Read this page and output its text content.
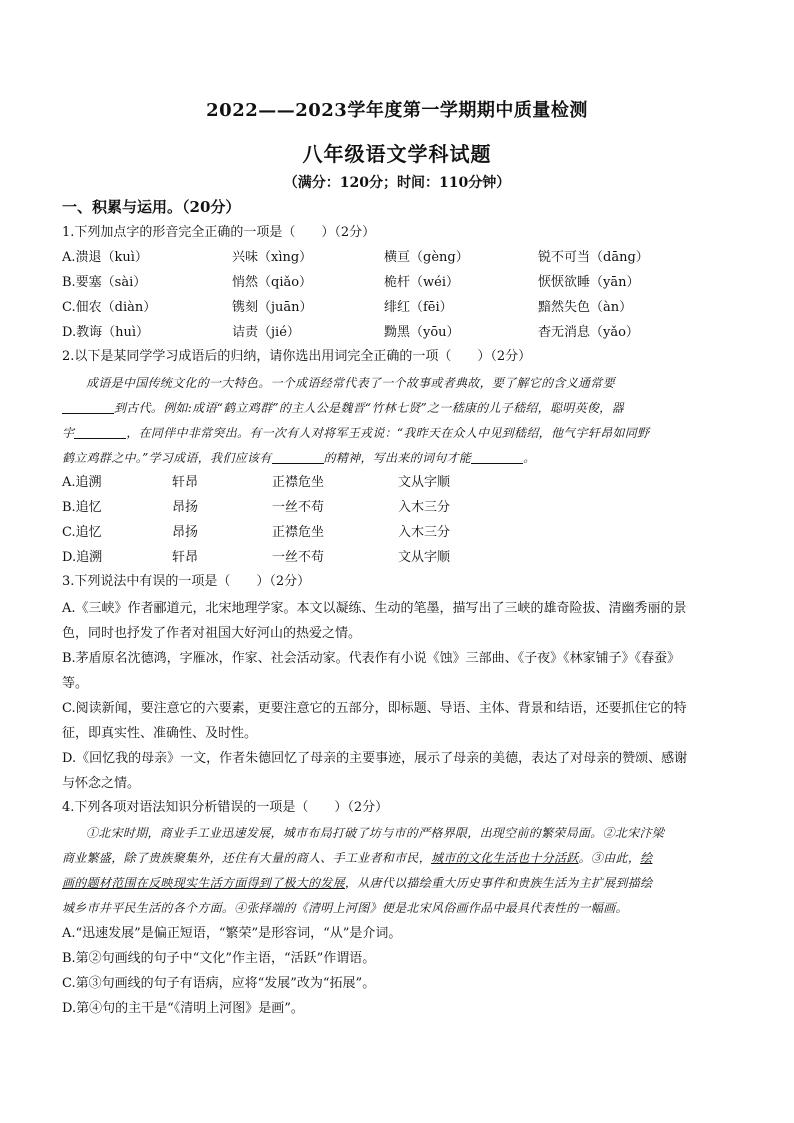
2022——2023学年度第一学期期中质量检测
八年级语文学科试题
（满分：120分；时间：110分钟）
一、积累与运用。（20分）
1.下列加点字的形音完全正确的一项是（　　）（2分）
A.溃退（kuì）	兴味（xìng）	横亘（gèng）	锐不可当（dāng）
B.要塞（sài）	悄然（qiǎo）	桅杆（wéi）	恹恹欲睡（yān）
C.佃农（diàn）	镌刻（juān）	绯红（fēi）	黯然失色（àn）
D.教诲（huì）	诘责（jié）	黝黑（yōu）	杳无消息（yǎo）
2.以下是某同学学习成语后的归纳，请你选出用词完全正确的一项（　　）（2分）
成语是中国传统文化的一大特色。一个成语经常代表了一个故事或者典故，要了解它的含义通常要
到古代。例如:成语“鹤立鸡群”的主人公是魏晋“竹林七贤”之一嵇康的儿子嵇绍，聪明英俊，器
宇	，在同伴中非常突出。有一次有人对将军王戎说：“我昨天在众人中见到嵇绍，他气宇轩昂如同野
鹤立鸡群之中。”学习成语，我们应该有	的精神，写出来的词句才能	。
A.追溯	轩昂	正襟危坐	文从字顺
B.追忆	昂扬	一丝不苟	入木三分
C.追忆	昂扬	正襟危坐	入木三分
D.追溯	轩昂	一丝不苟	文从字顺
3.下列说法中有误的一项是（　　）（2分）
A.《三峡》作者郦道元，北宋地理学家。本文以凝练、生动的笔墨，描写出了三峡的雄奇险拔、清幽秀丽的景
色，同时也抒发了作者对祖国大好河山的热爱之情。
B.茅盾原名沈德鸿，字雁冰，作家、社会活动家。代表作有小说《蚀》三部曲、《子夜》《林家铺子》《春蚕》
等。
C.阅读新闻，要注意它的六要素，更要注意它的五部分，即标题、导语、主体、背景和结语，还要抓住它的特
征，即真实性、准确性、及时性。
D.《回忆我的母亲》一文，作者朱德回忆了母亲的主要事迹，展示了母亲的美德，表达了对母亲的赞颂、感谢
与怀念之情。
4.下列各项对语法知识分析错误的一项是（　　）（2分）
①北宋时期，商业手工业迅速发展，城市布局打破了坊与市的严格界限，出现空前的繁荣局面。②北宋汴梁
商业繁盛，除了贵族聚集外，还住有大量的商人、手工业者和市民，城市的文化生活也十分活跃。③由此，绘
画的题材范围在反映现实生活方面得到了极大的发展，从唐代以描绘重大历史事件和贵族生活为主扩展到描绘
城乡市井平民生活的各个方面。④张择端的《清明上河图》便是北宋风俗画作品中最具代表性的一幅画。
A.“迅速发展”是偏正短语，“繁荣”是形容词，“从”是介词。
B.第②句画线的句子中“文化”作主语，“活跃”作谓语。
C.第③句画线的句子有语病，应将“发展”改为“拓展”。
D.第④句的主干是“《清明上河图》是画”。
